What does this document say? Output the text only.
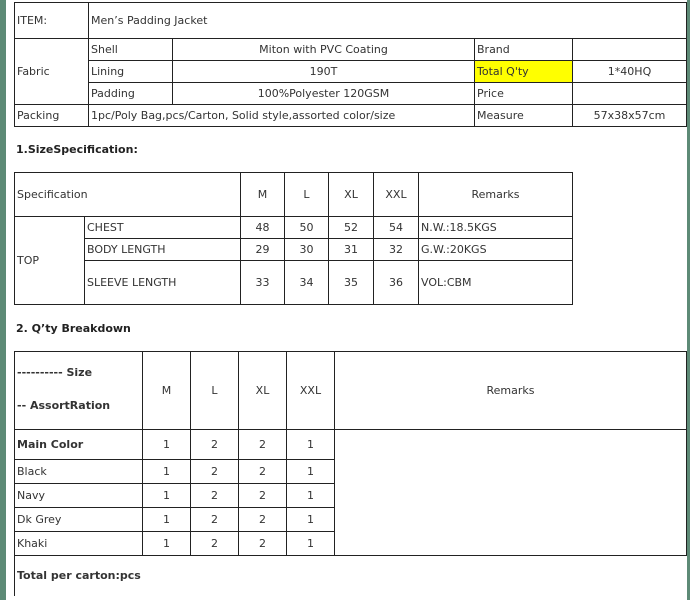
ITEM:	Men’s Padding Jacket			
Fabric	Shell	Miton with PVC Coating	Brand	
	Lining	190T	Total Q'ty	1*40HQ
	Padding	100%Polyester 120GSM	Price	
Packing	1pc/Poly Bag,pcs/Carton, Solid style,assorted color/size		Measure	57x38x57cm
1.SizeSpecification:
Specification		M	L	XL	XXL	Remarks
TOP	CHEST	48	50	52	54	N.W.:18.5KGS
	BODY LENGTH	29	30	31	32	G.W.:20KGS
	SLEEVE LENGTH	33	34	35	36	VOL:CBM
2. Q’ty Breakdown
---------- Size
-- AssortRation	M	L	XL	XXL	Remarks
Main Color	1	2	2	1	
Black	1	2	2	1	
Navy	1	2	2	1	
Dk Grey	1	2	2	1	
Khaki	1	2	2	1	
Total per carton:pcs					
